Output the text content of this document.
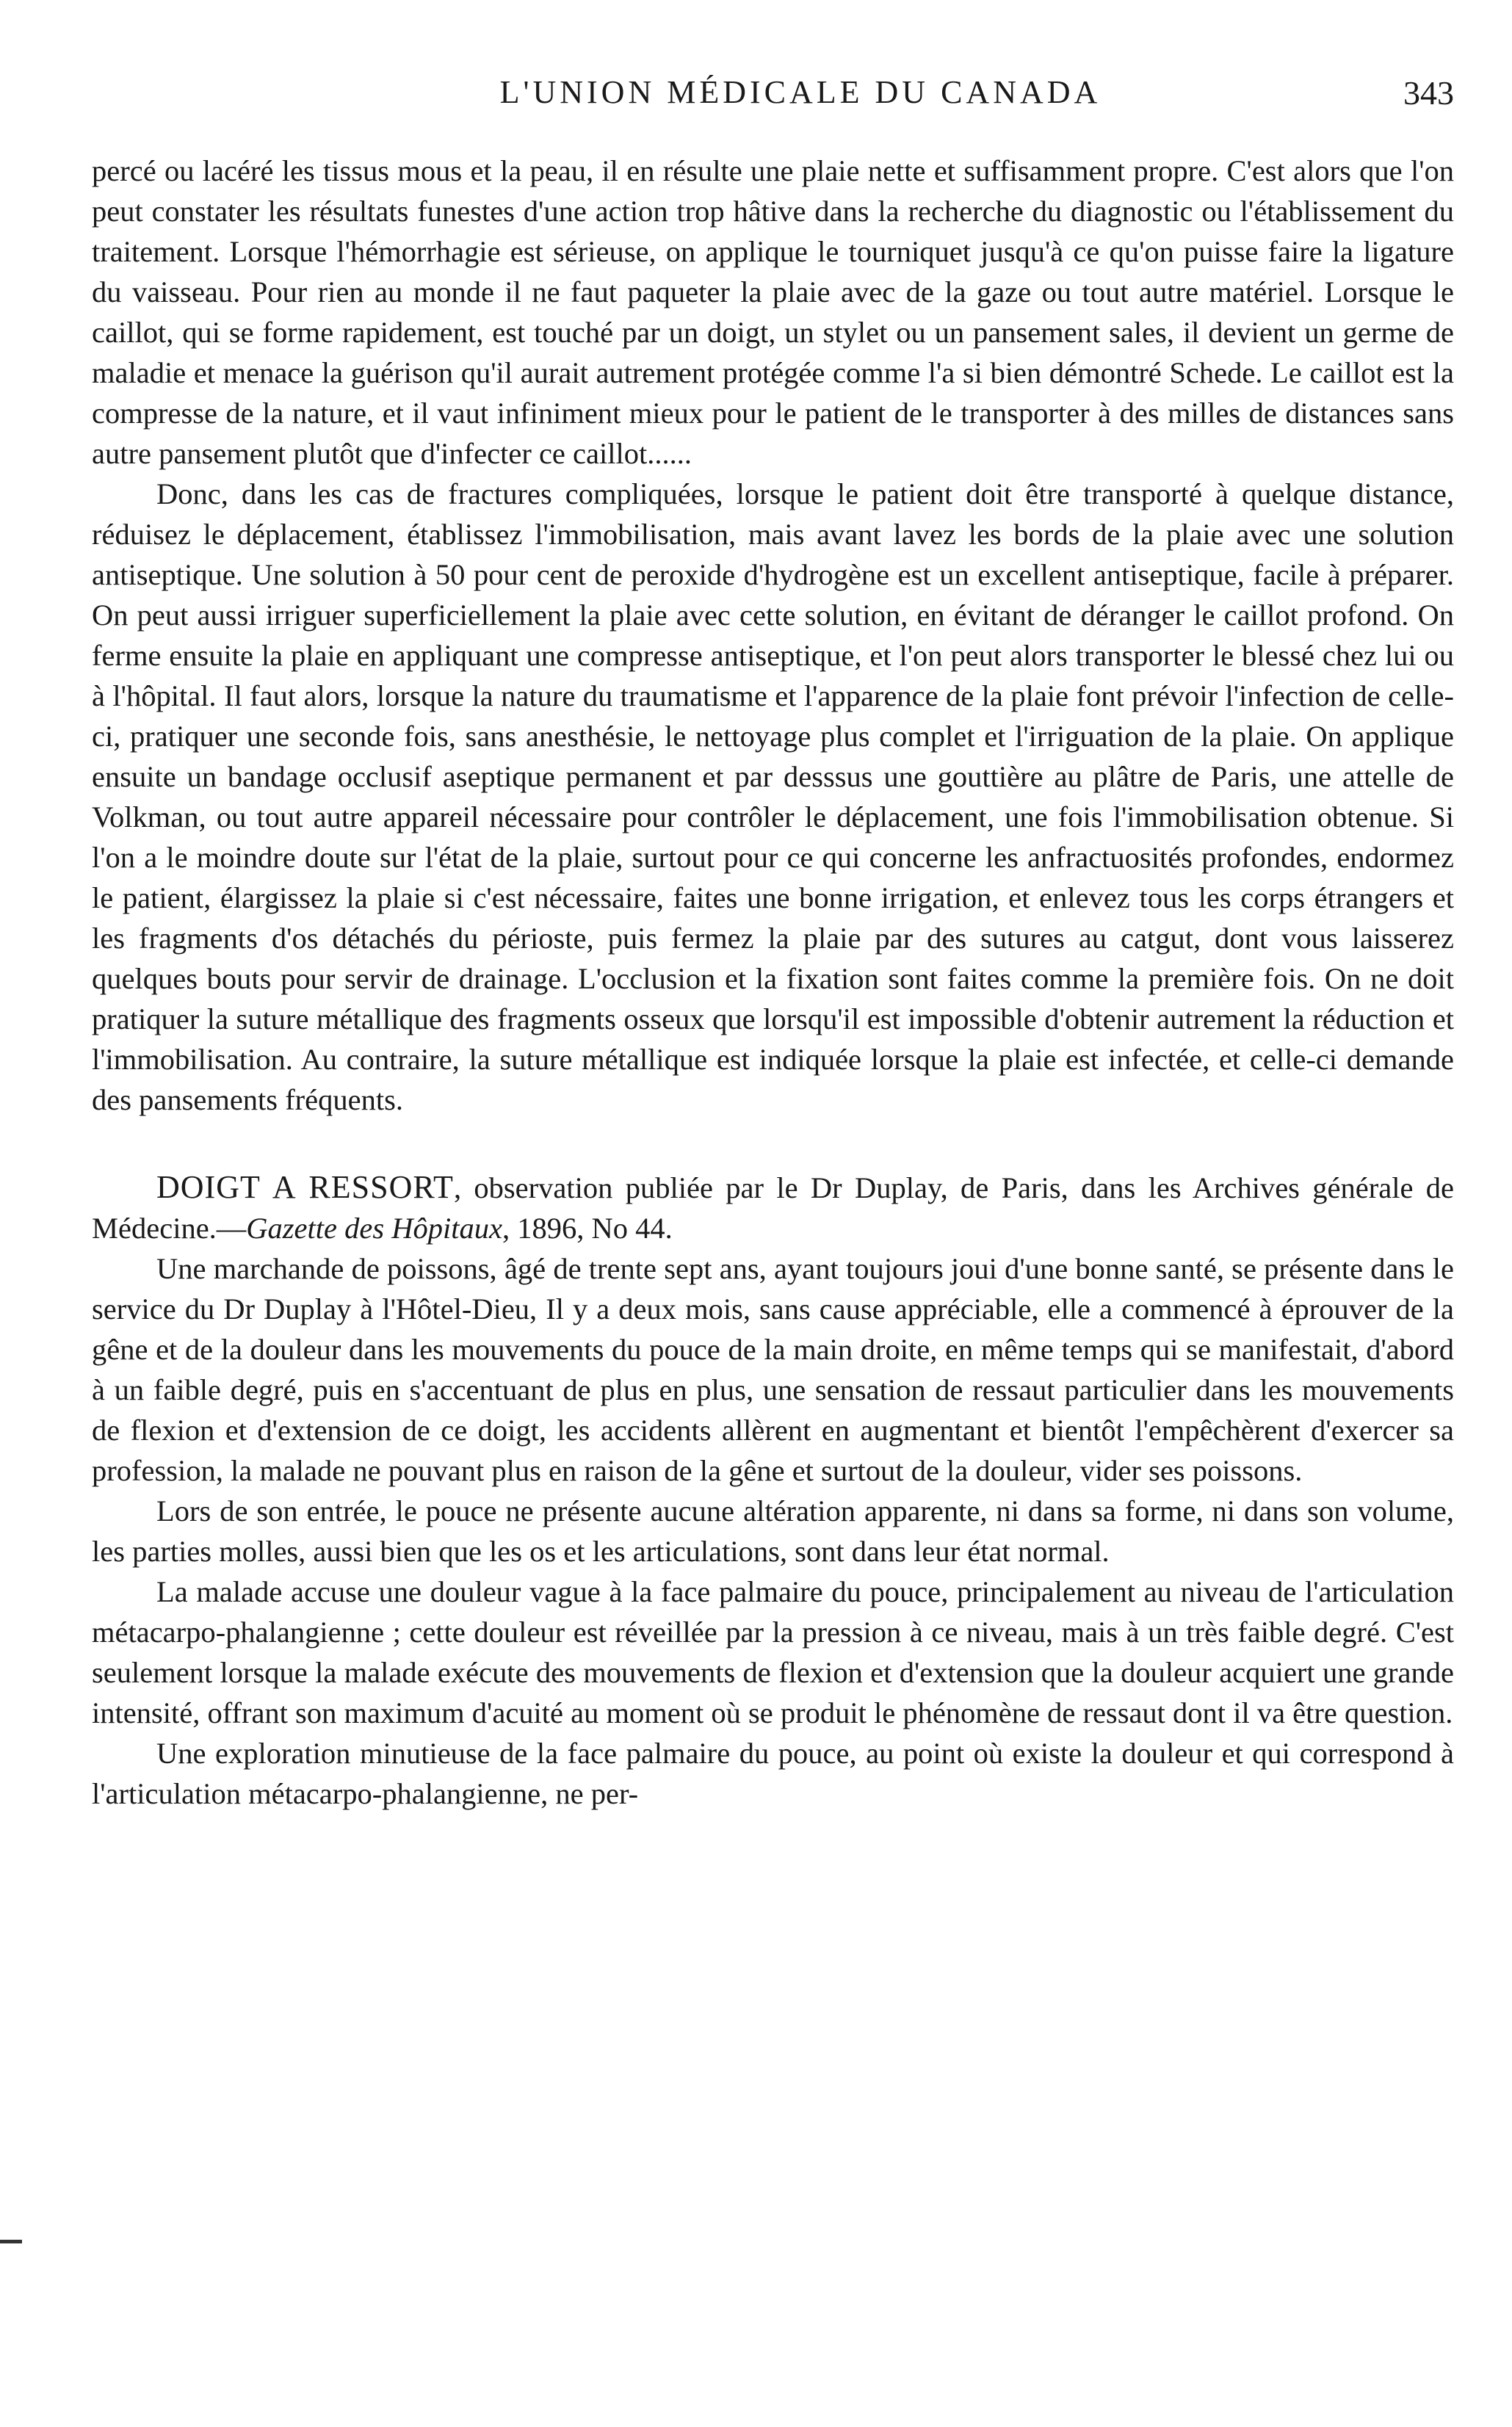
L'UNION MÉDICALE DU CANADA	343

percé ou lacéré les tissus mous et la peau, il en résulte une plaie nette et suffisamment propre. C'est alors que l'on peut constater les résultats funestes d'une action trop hâtive dans la recherche du diagnostic ou l'établissement du traitement. Lorsque l'hémorrhagie est sérieuse, on applique le tourniquet jusqu'à ce qu'on puisse faire la ligature du vaisseau. Pour rien au monde il ne faut paqueter la plaie avec de la gaze ou tout autre matériel. Lorsque le caillot, qui se forme rapidement, est touché par un doigt, un stylet ou un pansement sales, il devient un germe de maladie et menace la guérison qu'il aurait autrement protégée comme l'a si bien démontré Schede. Le caillot est la compresse de la nature, et il vaut infiniment mieux pour le patient de le transporter à des milles de distances sans autre pansement plutôt que d'infecter ce caillot......

Donc, dans les cas de fractures compliquées, lorsque le patient doit être transporté à quelque distance, réduisez le déplacement, établissez l'immobilisation, mais avant lavez les bords de la plaie avec une solution antiseptique. Une solution à 50 pour cent de peroxide d'hydrogène est un excellent antiseptique, facile à préparer. On peut aussi irriguer superficiellement la plaie avec cette solution, en évitant de déranger le caillot profond. On ferme ensuite la plaie en appliquant une compresse antiseptique, et l'on peut alors transporter le blessé chez lui ou à l'hôpital. Il faut alors, lorsque la nature du traumatisme et l'apparence de la plaie font prévoir l'infection de celle-ci, pratiquer une seconde fois, sans anesthésie, le nettoyage plus complet et l'irriguation de la plaie. On applique ensuite un bandage occlusif aseptique permanent et par desssus une gouttière au plâtre de Paris, une attelle de Volkman, ou tout autre appareil nécessaire pour contrôler le déplacement, une fois l'immobilisation obtenue. Si l'on a le moindre doute sur l'état de la plaie, surtout pour ce qui concerne les anfractuosités profondes, endormez le patient, élargissez la plaie si c'est nécessaire, faites une bonne irrigation, et enlevez tous les corps étrangers et les fragments d'os détachés du périoste, puis fermez la plaie par des sutures au catgut, dont vous laisserez quelques bouts pour servir de drainage. L'occlusion et la fixation sont faites comme la première fois. On ne doit pratiquer la suture métallique des fragments osseux que lorsqu'il est impossible d'obtenir autrement la réduction et l'immobilisation. Au contraire, la suture métallique est indiquée lorsque la plaie est infectée, et celle-ci demande des pansements fréquents.

DOIGT A RESSORT, observation publiée par le Dr Duplay, de Paris, dans les Archives générale de Médecine.—Gazette des Hôpitaux, 1896, No 44.

Une marchande de poissons, âgé de trente sept ans, ayant toujours joui d'une bonne santé, se présente dans le service du Dr Duplay à l'Hôtel-Dieu, Il y a deux mois, sans cause appréciable, elle a commencé à éprouver de la gêne et de la douleur dans les mouvements du pouce de la main droite, en même temps qui se manifestait, d'abord à un faible degré, puis en s'accentuant de plus en plus, une sensation de ressaut particulier dans les mouvements de flexion et d'extension de ce doigt, les accidents allèrent en augmentant et bientôt l'empêchèrent d'exercer sa profession, la malade ne pouvant plus en raison de la gêne et surtout de la douleur, vider ses poissons.

Lors de son entrée, le pouce ne présente aucune altération apparente, ni dans sa forme, ni dans son volume, les parties molles, aussi bien que les os et les articulations, sont dans leur état normal.

La malade accuse une douleur vague à la face palmaire du pouce, principalement au niveau de l'articulation métacarpo-phalangienne ; cette douleur est réveillée par la pression à ce niveau, mais à un très faible degré. C'est seulement lorsque la malade exécute des mouvements de flexion et d'extension que la douleur acquiert une grande intensité, offrant son maximum d'acuité au moment où se produit le phénomène de ressaut dont il va être question.

Une exploration minutieuse de la face palmaire du pouce, au point où existe la douleur et qui correspond à l'articulation métacarpo-phalangienne, ne per-
